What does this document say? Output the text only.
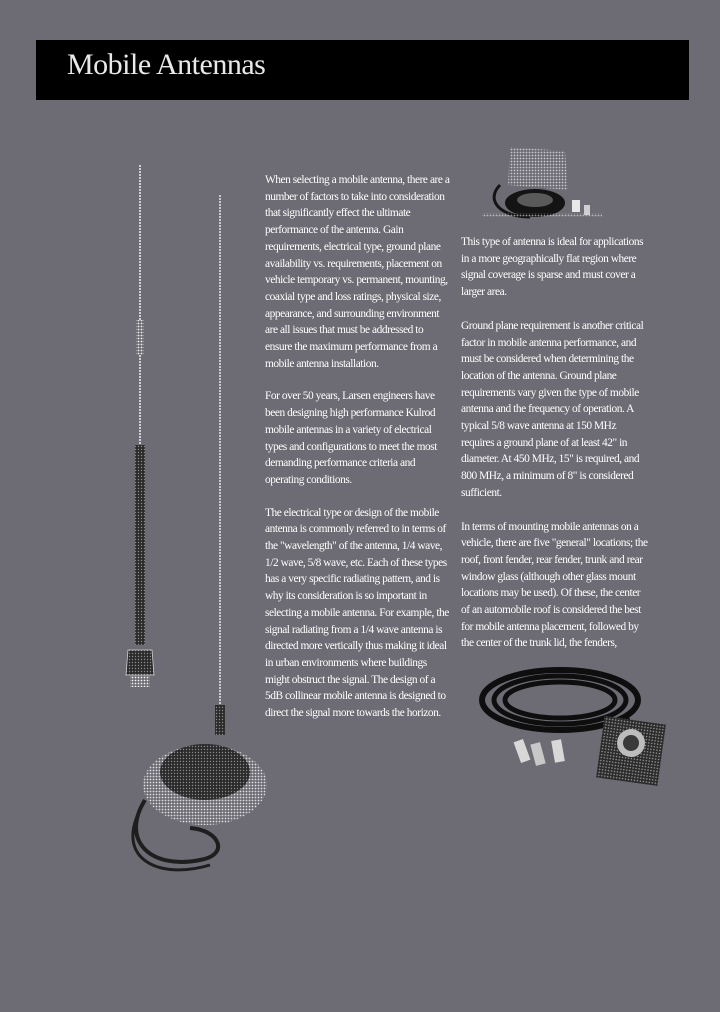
Mobile Antennas

When selecting a mobile antenna, there are a number of factors to take into consideration that significantly effect the ultimate performance of the antenna. Gain requirements, electrical type, ground plane availability vs. requirements, placement on vehicle temporary vs. permanent, mounting, coaxial type and loss ratings, physical size, appearance, and surrounding environment are all issues that must be addressed to ensure the maximum performance from a mobile antenna installation.

For over 50 years, Larsen engineers have been designing high performance Kulrod mobile antennas in a variety of electrical types and configurations to meet the most demanding performance criteria and operating conditions.

The electrical type or design of the mobile antenna is commonly referred to in terms of the "wavelength" of the antenna, 1/4 wave, 1/2 wave, 5/8 wave, etc. Each of these types has a very specific radiating pattern, and is why its consideration is so important in selecting a mobile antenna. For example, the signal radiating from a 1/4 wave antenna is directed more vertically thus making it ideal in urban environments where buildings might obstruct the signal. The design of a 5dB collinear mobile antenna is designed to direct the signal more towards the horizon.

This type of antenna is ideal for applications in a more geographically flat region where signal coverage is sparse and must cover a larger area.

Ground plane requirement is another critical factor in mobile antenna performance, and must be considered when determining the location of the antenna. Ground plane requirements vary given the type of mobile antenna and the frequency of operation. A typical 5/8 wave antenna at 150 MHz requires a ground plane of at least 42" in diameter. At 450 MHz, 15" is required, and 800 MHz, a minimum of 8" is considered sufficient.

In terms of mounting mobile antennas on a vehicle, there are five "general" locations; the roof, front fender, rear fender, trunk and rear window glass (although other glass mount locations may be used). Of these, the center of an automobile roof is considered the best for mobile antenna placement, followed by the center of the trunk lid, the fenders,
